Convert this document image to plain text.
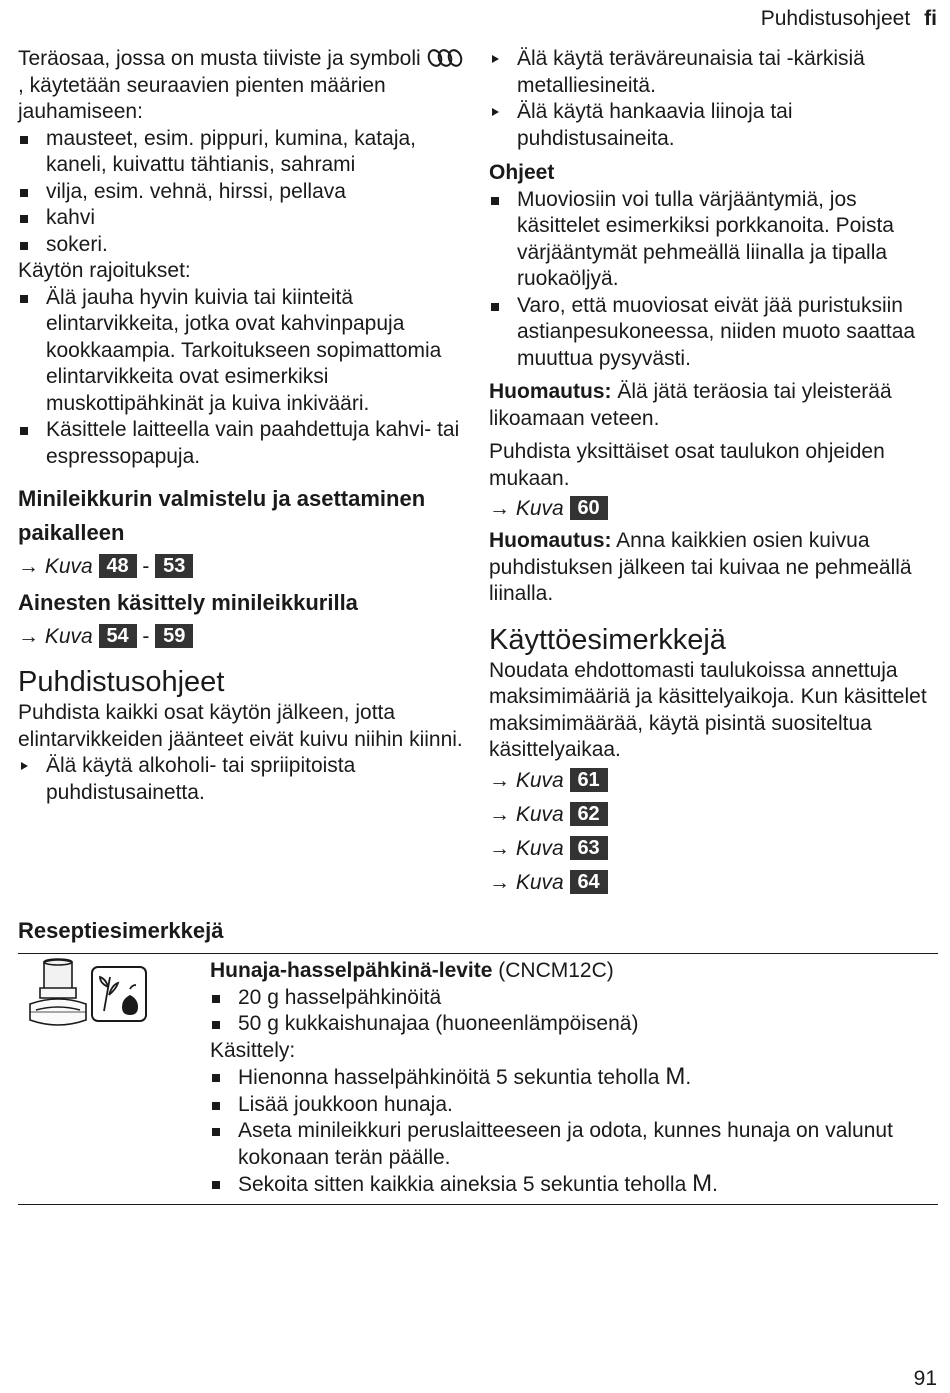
Puhdistusohjeet fi

Teräosaa, jossa on musta tiiviste ja symboli , käytetään seuraavien pienten määrien jauhamiseen:

mausteet, esim. pippuri, kumina, kataja, kaneli, kuivattu tähtianis, sahrami
vilja, esim. vehnä, hirssi, pellava
kahvi
sokeri.

Käytön rajoitukset:

Älä jauha hyvin kuivia tai kiinteitä elintarvikkeita, jotka ovat kahvinpapuja kookkaampia. Tarkoitukseen sopimattomia elintarvikkeita ovat esimerkiksi muskottipähkinät ja kuiva inkivääri.
Käsittele laitteella vain paahdettuja kahvi- tai espressopapuja.
Minileikkurin valmistelu ja asettaminen paikalleen

→ Kuva 48 - 53

Ainesten käsittely minileikkurilla

→ Kuva 54 - 59

Puhdistusohjeet

Puhdista kaikki osat käytön jälkeen, jotta elintarvikkeiden jäänteet eivät kuivu niihin kiinni.

Älä käytä alkoholi- tai spriipitoista puhdistusainetta.
Älä käytä teräväreunaisia tai -kärkisiä metalliesineitä.
Älä käytä hankaavia liinoja tai puhdistusaineita.

Ohjeet

Muoviosiin voi tulla värjääntymiä, jos käsittelet esimerkiksi porkkanoita. Poista värjääntymät pehmeällä liinalla ja tipalla ruokaöljyä.
Varo, että muoviosat eivät jää puristuksiin astianpesukoneessa, niiden muoto saattaa muuttua pysyvästi.

Huomautus: Älä jätä teräosia tai yleisterää likoamaan veteen.

Puhdista yksittäiset osat taulukon ohjeiden mukaan.

→ Kuva 60

Huomautus: Anna kaikkien osien kuivua puhdistuksen jälkeen tai kuivaa ne pehmeällä liinalla.

Käyttöesimerkkejä

Noudata ehdottomasti taulukoissa annettuja maksimimääriä ja käsittelyaikoja. Kun käsittelet maksimimäärää, käytä pisintä suositeltua käsittelyaikaa.

→ Kuva 61

→ Kuva 62

→ Kuva 63

→ Kuva 64

Reseptiesimerkkejä

Hunaja-hasselpähkinä-levite (CNCM12C)

20 g hasselpähkinöitä
50 g kukkaishunajaa (huoneenlämpöisenä)

Käsittely:

Hienonna hasselpähkinöitä 5 sekuntia teholla M.
Lisää joukkoon hunaja.
Aseta minileikkuri peruslaitteeseen ja odota, kunnes hunaja on valunut kokonaan terän päälle.
Sekoita sitten kaikkia aineksia 5 sekuntia teholla M.
91
